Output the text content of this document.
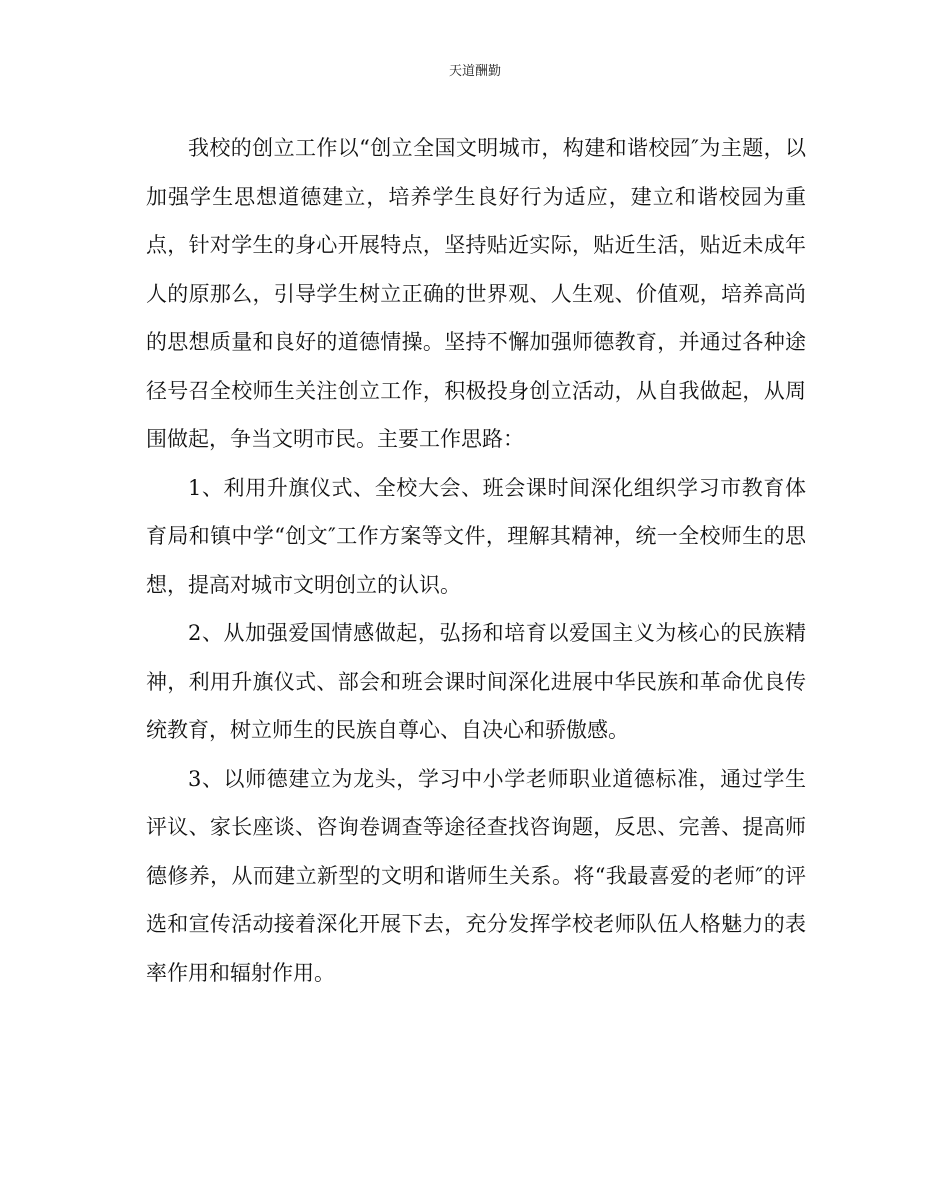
天道酬勤

我校的创立工作以“创立全国文明城市，构建和谐校园″为主题，以加强学生思想道德建立，培养学生良好行为适应，建立和谐校园为重点，针对学生的身心开展特点，坚持贴近实际，贴近生活，贴近未成年人的原那么，引导学生树立正确的世界观、人生观、价值观，培养高尚的思想质量和良好的道德情操。坚持不懈加强师德教育，并通过各种途径号召全校师生关注创立工作，积极投身创立活动，从自我做起，从周围做起，争当文明市民。主要工作思路：

1、利用升旗仪式、全校大会、班会课时间深化组织学习市教育体育局和镇中学“创文″工作方案等文件，理解其精神，统一全校师生的思想，提高对城市文明创立的认识。

2、从加强爱国情感做起，弘扬和培育以爱国主义为核心的民族精神，利用升旗仪式、部会和班会课时间深化进展中华民族和革命优良传统教育，树立师生的民族自尊心、自决心和骄傲感。

3、以师德建立为龙头，学习中小学老师职业道德标准，通过学生评议、家长座谈、咨询卷调查等途径查找咨询题，反思、完善、提高师德修养，从而建立新型的文明和谐师生关系。将“我最喜爱的老师″的评选和宣传活动接着深化开展下去，充分发挥学校老师队伍人格魅力的表率作用和辐射作用。
